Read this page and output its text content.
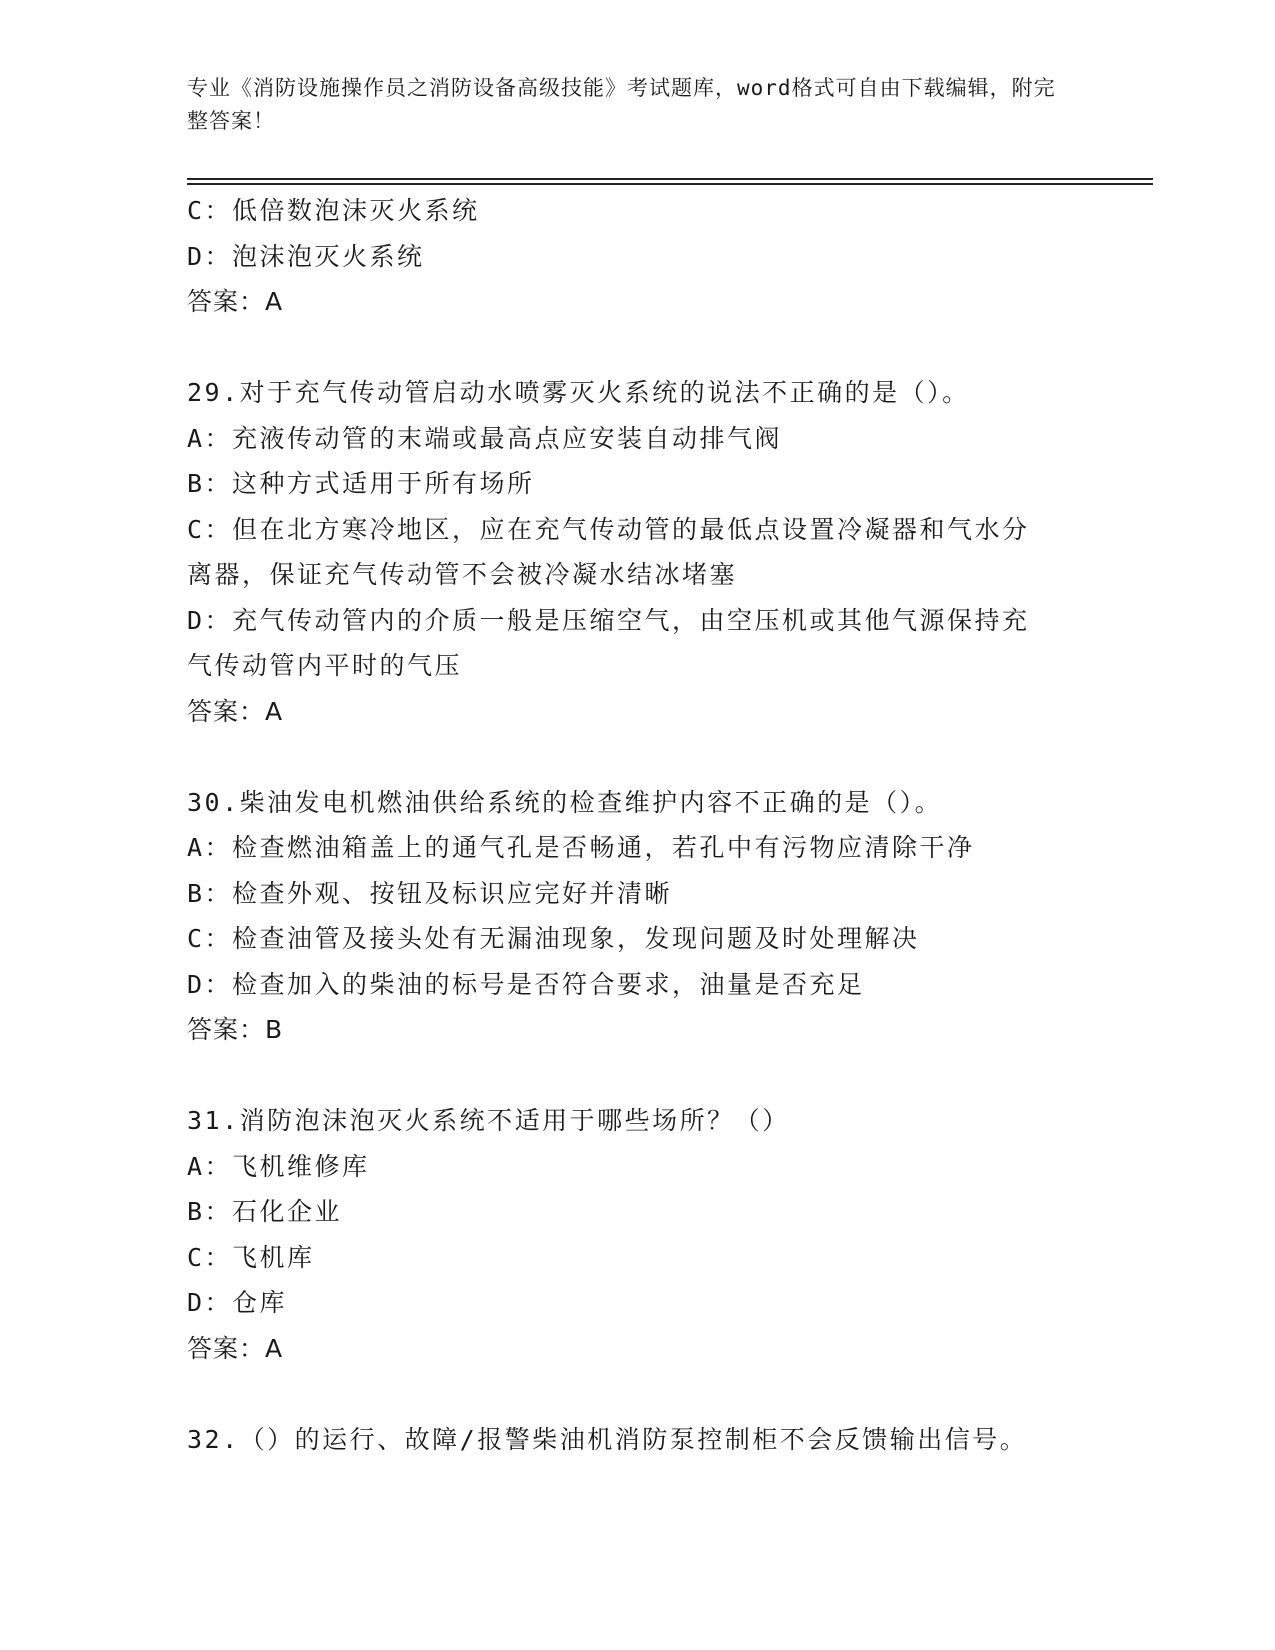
专业《消防设施操作员之消防设备高级技能》考试题库，word格式可自由下载编辑，附完整答案！
C：低倍数泡沫灭火系统
D：泡沫泡灭火系统
答案：A
29.对于充气传动管启动水喷雾灭火系统的说法不正确的是（）。
A：充液传动管的末端或最高点应安装自动排气阀
B：这种方式适用于所有场所
C：但在北方寒冷地区，应在充气传动管的最低点设置冷凝器和气水分
离器，保证充气传动管不会被冷凝水结冰堵塞
D：充气传动管内的介质一般是压缩空气，由空压机或其他气源保持充
气传动管内平时的气压
答案：A
30.柴油发电机燃油供给系统的检查维护内容不正确的是（）。
A：检查燃油箱盖上的通气孔是否畅通，若孔中有污物应清除干净
B：检查外观、按钮及标识应完好并清晰
C：检查油管及接头处有无漏油现象，发现问题及时处理解决
D：检查加入的柴油的标号是否符合要求，油量是否充足
答案：B
31.消防泡沫泡灭火系统不适用于哪些场所？（）
A：飞机维修库
B：石化企业
C：飞机库
D：仓库
答案：A
32.（）的运行、故障/报警柴油机消防泵控制柜不会反馈输出信号。
